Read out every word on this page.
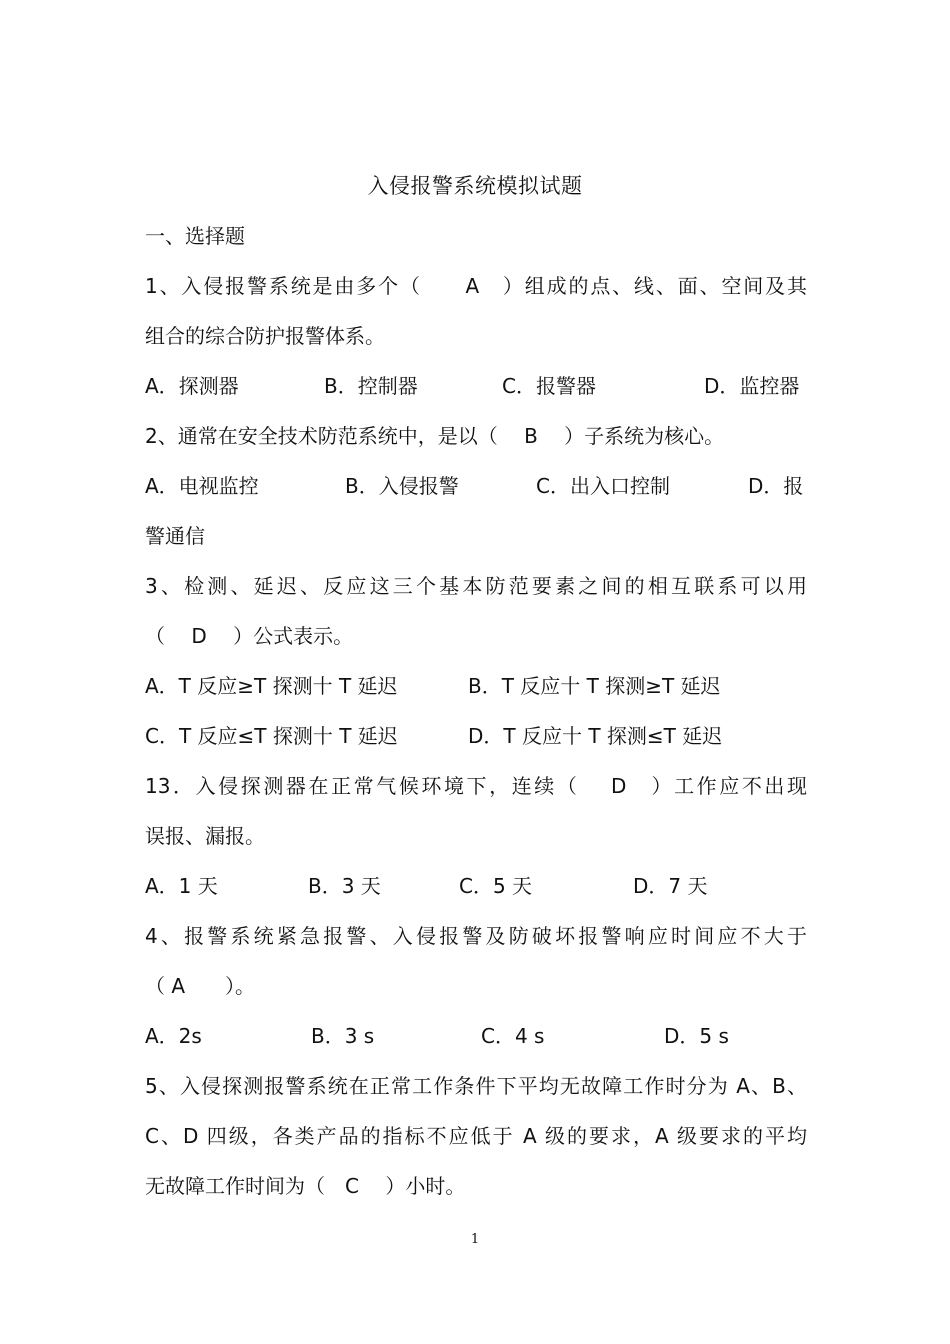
入侵报警系统模拟试题
一、选择题
1、入侵报警系统是由多个（　　A　）组成的点、线、面、空间及其
组合的综合防护报警体系。
A．探测器	B．控制器	C．报警器	D．监控器
2、通常在安全技术防范系统中，是以（　 B　 ）子系统为核心。
A．电视监控	B．入侵报警	C．出入口控制	D．报
警通信
3、检测、延迟、反应这三个基本防范要素之间的相互联系可以用
（　 D　 ）公式表示。
A．T 反应≥T 探测十 T 延迟	B．T 反应十 T 探测≥T 延迟
C．T 反应≤T 探测十 T 延迟	D．T 反应十 T 探测≤T 延迟
13．入侵探测器在正常气候环境下，连续（　 D　）工作应不出现
误报、漏报。
A．1 天	B．3 天	C．5 天	D．7 天
4、报警系统紧急报警、入侵报警及防破坏报警响应时间应不大于
（ A　　）。
A．2s	B．3 s	C．4 s	D．5 s
5、入侵探测报警系统在正常工作条件下平均无故障工作时分为 A、B、
C、D 四级，各类产品的指标不应低于 A 级的要求，A 级要求的平均
无故障工作时间为（　C　 ）小时。
1
